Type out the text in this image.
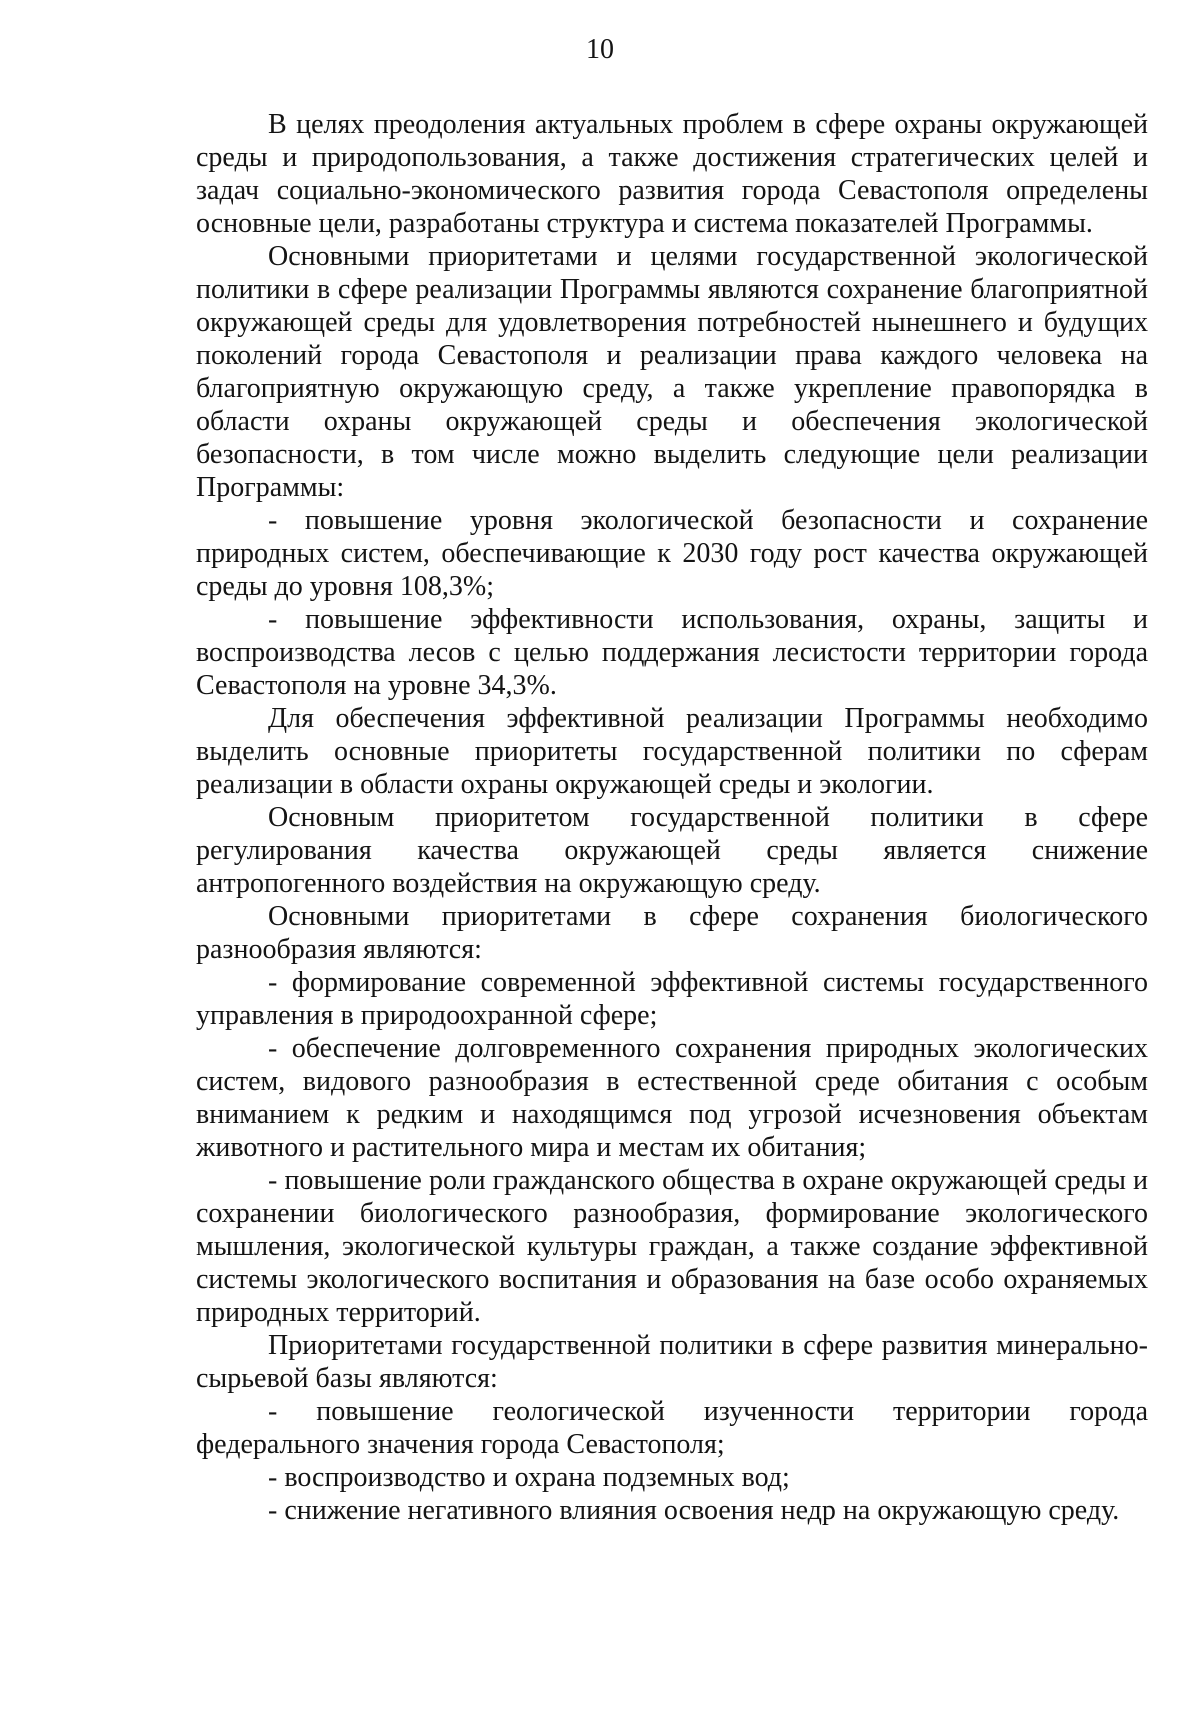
10

В целях преодоления актуальных проблем в сфере охраны окружающей среды и природопользования, а также достижения стратегических целей и задач социально-экономического развития города Севастополя определены основные цели, разработаны структура и система показателей Программы.

Основными приоритетами и целями государственной экологической политики в сфере реализации Программы являются сохранение благоприятной окружающей среды для удовлетворения потребностей нынешнего и будущих поколений города Севастополя и реализации права каждого человека на благоприятную окружающую среду, а также укрепление правопорядка в области охраны окружающей среды и обеспечения экологической безопасности, в том числе можно выделить следующие цели реализации Программы:

- повышение уровня экологической безопасности и сохранение природных систем, обеспечивающие к 2030 году рост качества окружающей среды до уровня 108,3%;

- повышение эффективности использования, охраны, защиты и воспроизводства лесов с целью поддержания лесистости территории города Севастополя на уровне 34,3%.

Для обеспечения эффективной реализации Программы необходимо выделить основные приоритеты государственной политики по сферам реализации в области охраны окружающей среды и экологии.

Основным приоритетом государственной политики в сфере регулирования качества окружающей среды является снижение антропогенного воздействия на окружающую среду.

Основными приоритетами в сфере сохранения биологического разнообразия являются:

- формирование современной эффективной системы государственного управления в природоохранной сфере;

- обеспечение долговременного сохранения природных экологических систем, видового разнообразия в естественной среде обитания с особым вниманием к редким и находящимся под угрозой исчезновения объектам животного и растительного мира и местам их обитания;

- повышение роли гражданского общества в охране окружающей среды и сохранении биологического разнообразия, формирование экологического мышления, экологической культуры граждан, а также создание эффективной системы экологического воспитания и образования на базе особо охраняемых природных территорий.

Приоритетами государственной политики в сфере развития минерально-сырьевой базы являются:

- повышение геологической изученности территории города федерального значения города Севастополя;

- воспроизводство и охрана подземных вод;

- снижение негативного влияния освоения недр на окружающую среду.
